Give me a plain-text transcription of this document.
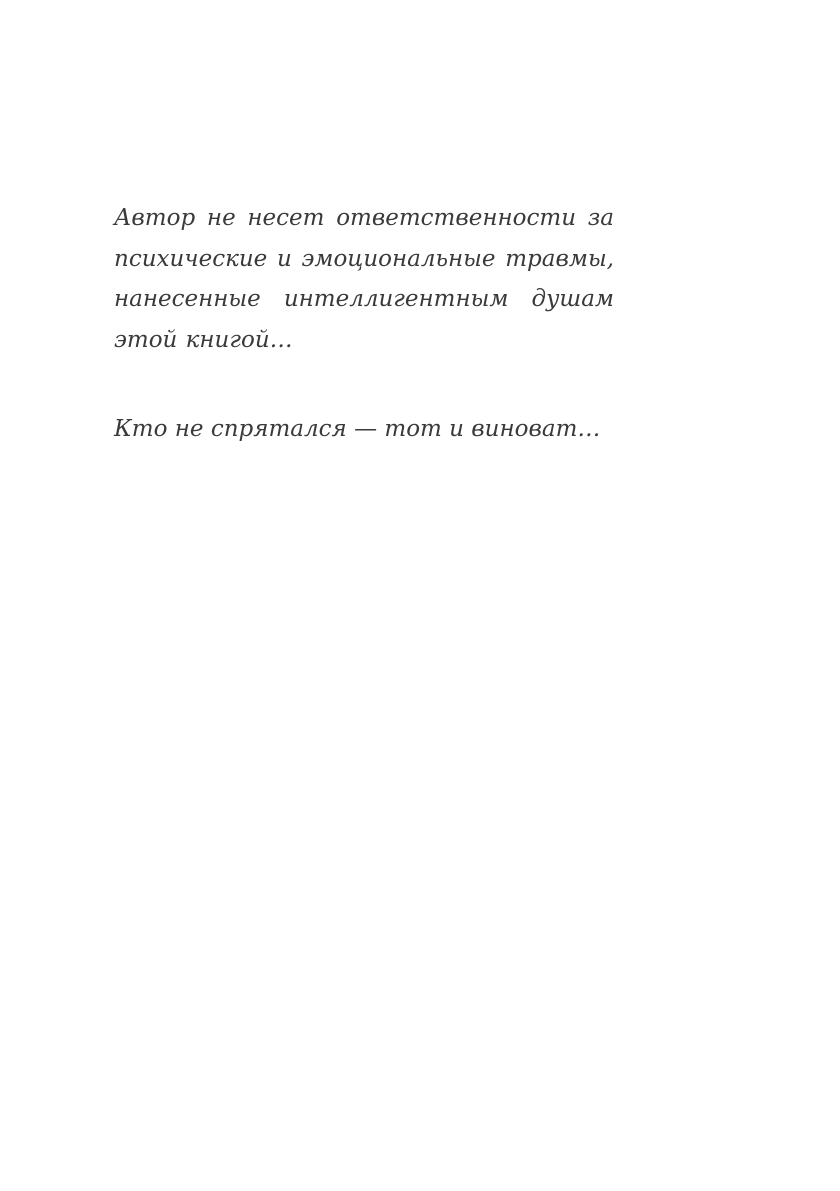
Автор не несет ответственности за психические и эмоциональные травмы, нанесенные интеллигентным душам этой книгой…

Кто не спрятался — тот и виноват…
